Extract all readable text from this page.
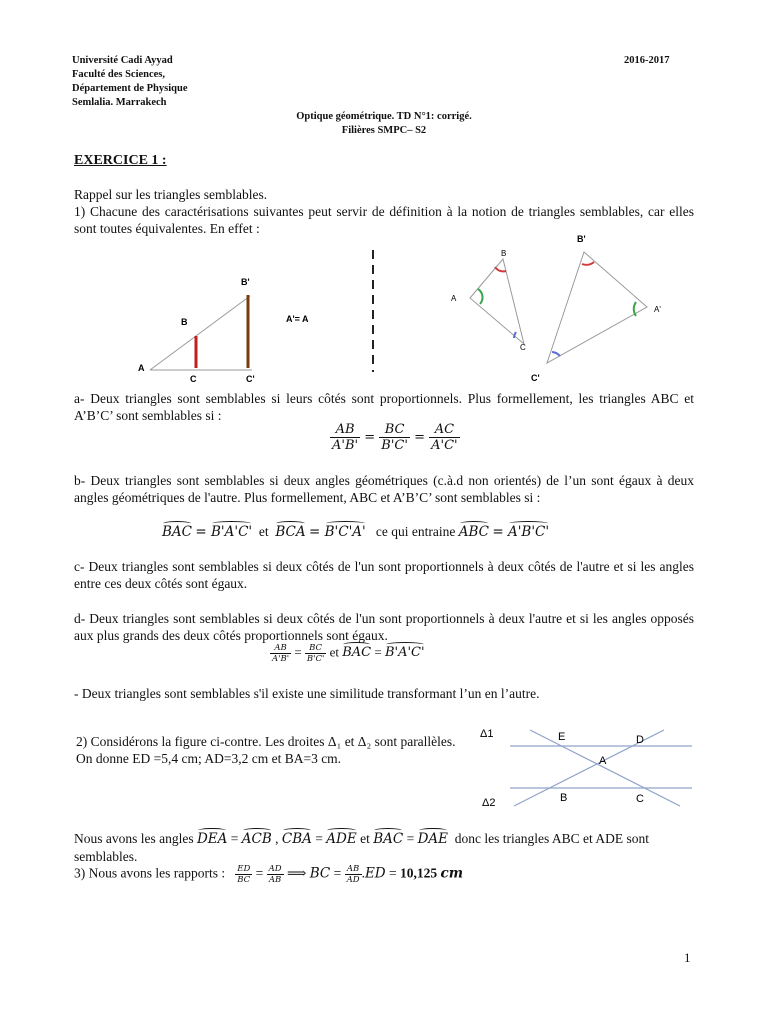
Université Cadi Ayyad
Faculté des Sciences,
Département de Physique
Semlalia. Marrakech
2016-2017
Optique géométrique. TD N°1: corrigé.
Filières SMPC– S2
EXERCICE 1 :
Rappel sur les triangles semblables.
1) Chacune des caractérisations suivantes peut servir de définition à la notion de triangles semblables, car elles sont toutes équivalentes. En effet :
A
B
C
B'
C'
A'= A
B
A
C
B'
A'
C'
a- Deux triangles sont semblables si leurs côtés sont proportionnels. Plus formellement, les triangles ABC et A’B’C’ sont semblables si :
$\frac{AB}{A'B'} = \frac{BC}{B'C'} = \frac{AC}{A'C'}$
b- Deux triangles sont semblables si deux angles géométriques (c.à.d non orientés) de l’un sont égaux à deux angles géométriques de l'autre. Plus formellement, ABC et A’B’C’ sont semblables si :
BAC = B'A'C' et BCA = B'C'A' ce qui entraine ABC = A'B'C'
c- Deux triangles sont semblables si deux côtés de l'un sont proportionnels à deux côtés de l'autre et si les angles entre ces deux côtés sont égaux.
d- Deux triangles sont semblables si deux côtés de l'un sont proportionnels à deux l'autre et si les angles opposés aux plus grands des deux côtés proportionnels sont égaux.
$\frac{AB}{A'B'} = \frac{BC}{B'C'}$ et BAC = B'A'C'
- Deux triangles sont semblables s'il existe une similitude transformant l’un en l’autre.
2) Considérons la figure ci-contre. Les droites Δ₁ et Δ₂ sont parallèles. On donne ED =5,4 cm; AD=3,2 cm et BA=3 cm.
Δ1
Δ2
E	D
A
B	C
Nous avons les angles DEA = ACB , CBA = ADE et BAC = DAE donc les triangles ABC et ADE sont semblables.
3) Nous avons les rapports : $\frac{ED}{BC} = \frac{AD}{AB}$ ⟹ BC = $\frac{AB}{AD} .ED = 10,125$ cm
1
